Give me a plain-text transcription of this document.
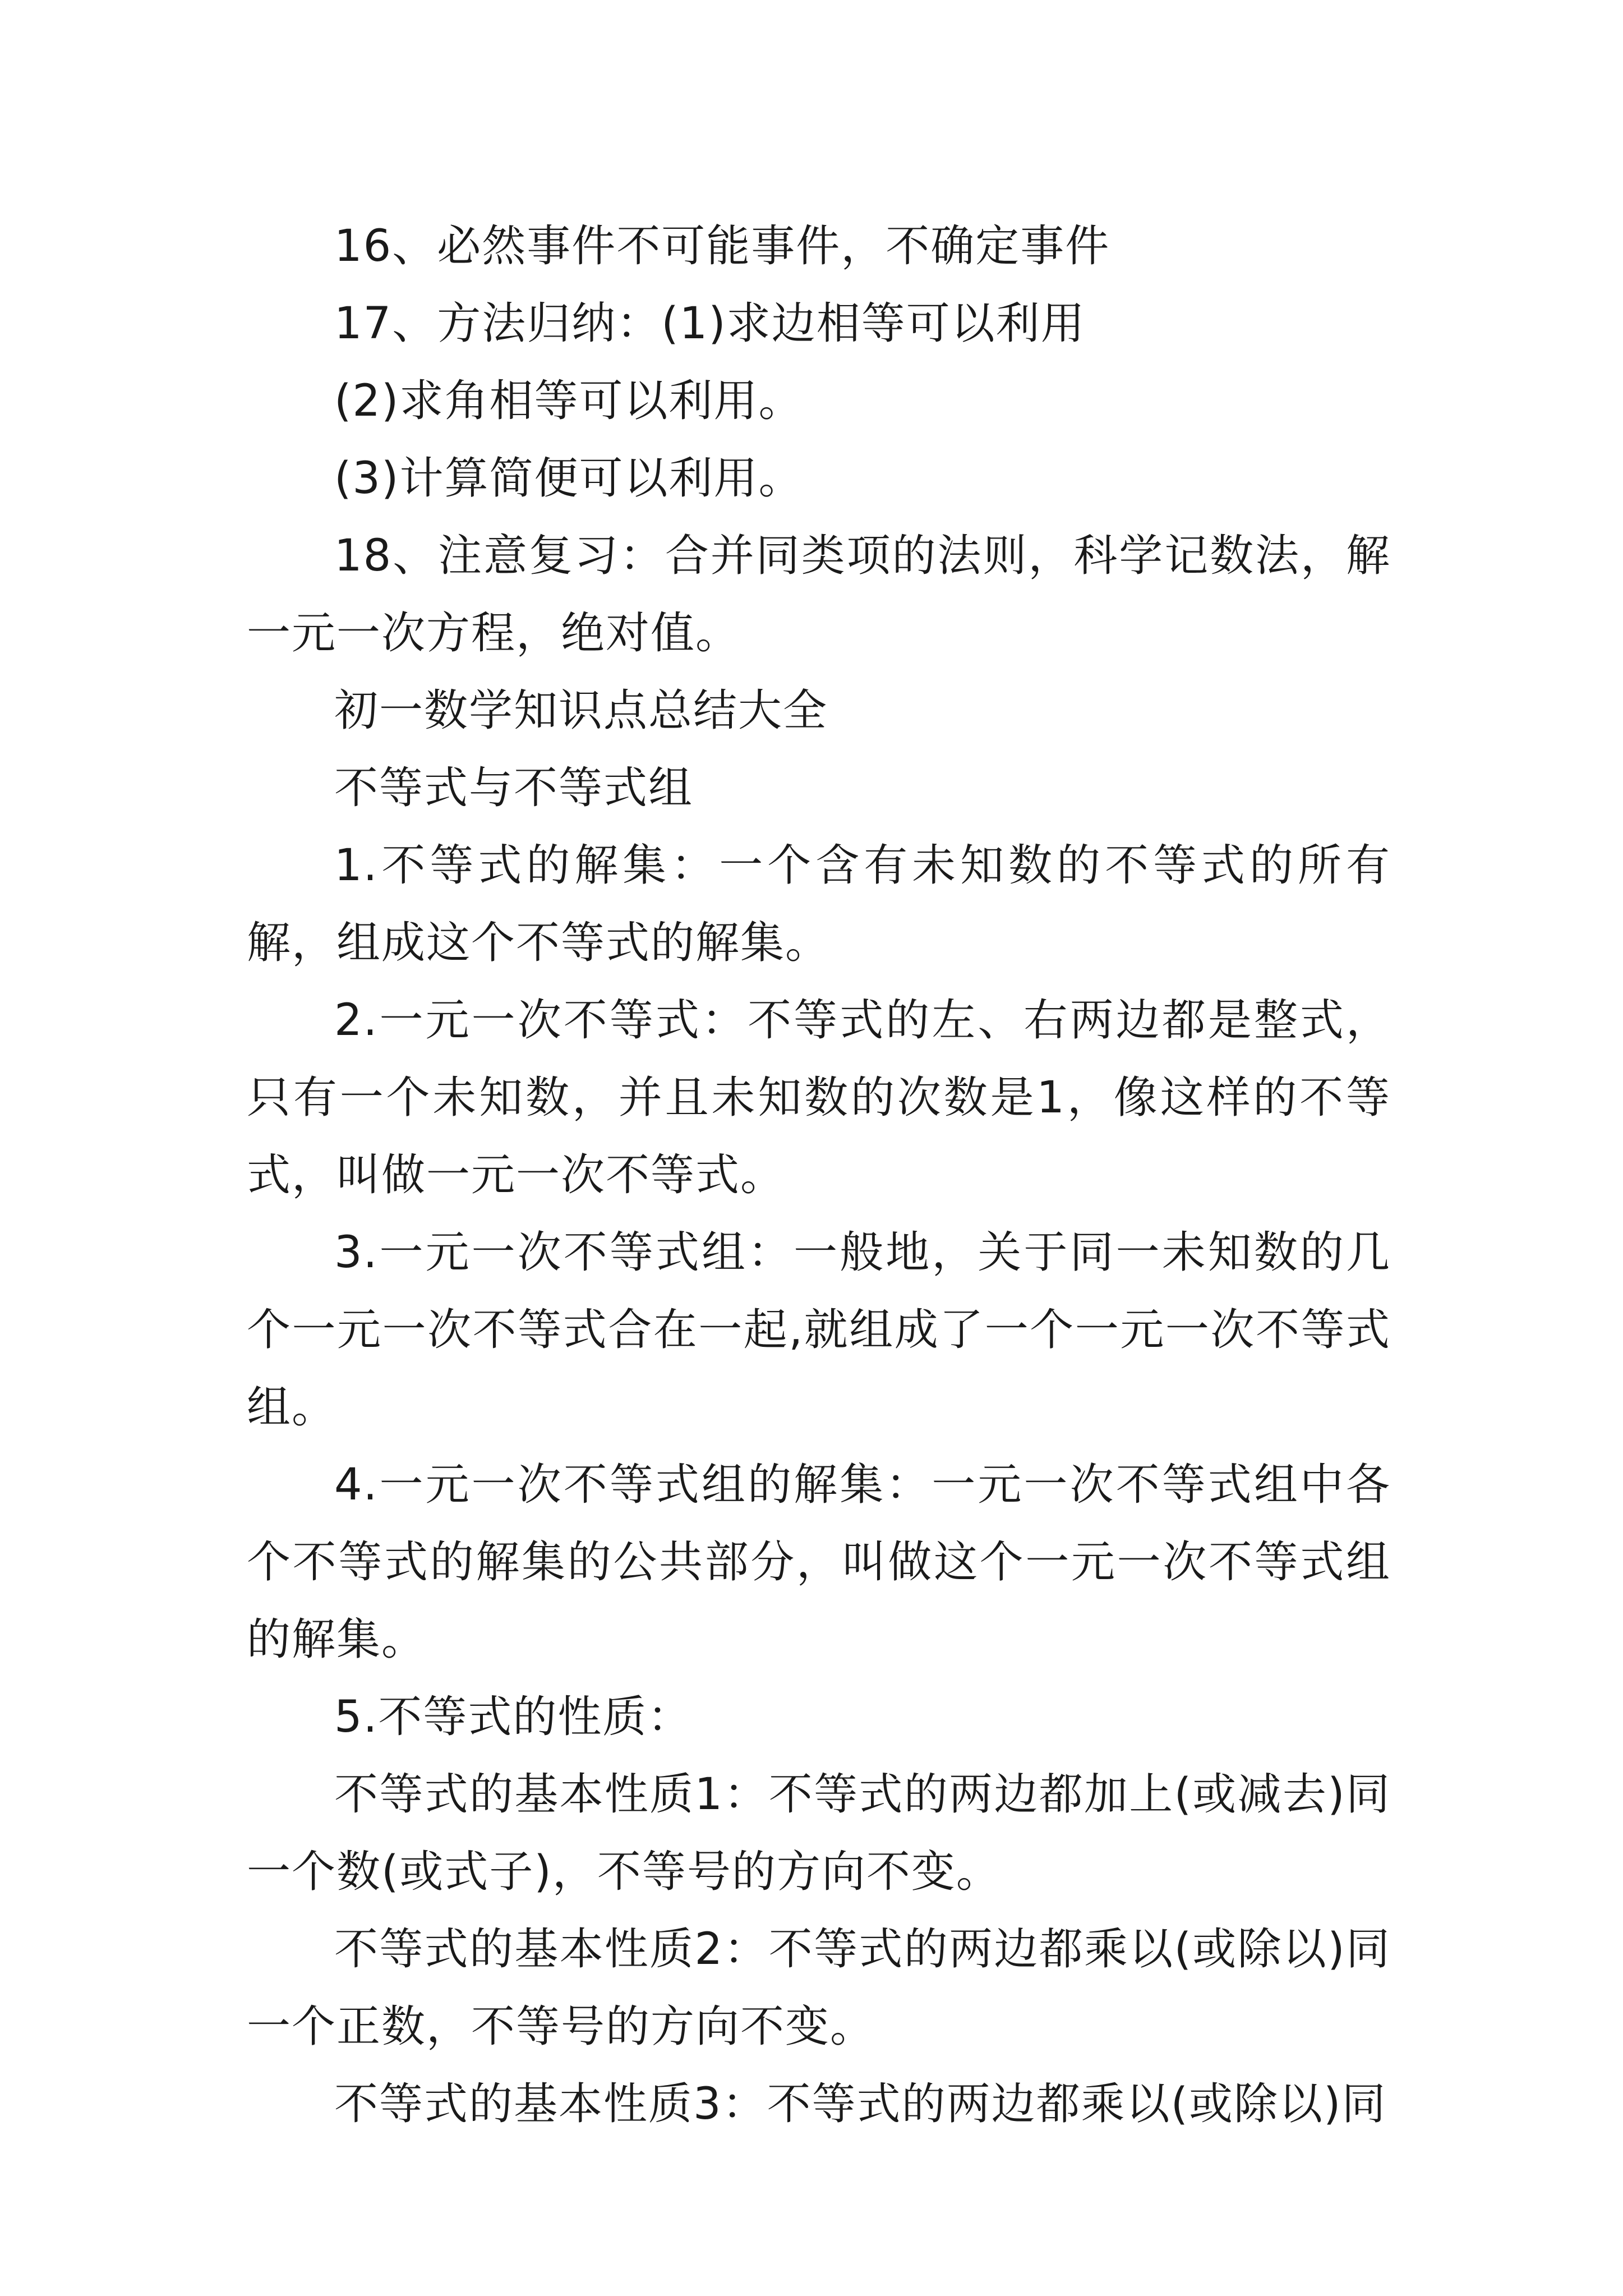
16、必然事件不可能事件，不确定事件

17、方法归纳：(1)求边相等可以利用

(2)求角相等可以利用。

(3)计算简便可以利用。

18、注意复习：合并同类项的法则，科学记数法，解一元一次方程，绝对值。

初一数学知识点总结大全

不等式与不等式组

1.不等式的解集：一个含有未知数的不等式的所有解，组成这个不等式的解集。

2.一元一次不等式：不等式的左、右两边都是整式，只有一个未知数，并且未知数的次数是1，像这样的不等式，叫做一元一次不等式。

3.一元一次不等式组：一般地，关于同一未知数的几个一元一次不等式合在一起,就组成了一个一元一次不等式组。

4.一元一次不等式组的解集：一元一次不等式组中各个不等式的解集的公共部分，叫做这个一元一次不等式组的解集。

5.不等式的性质：

不等式的基本性质1：不等式的两边都加上(或减去)同一个数(或式子)，不等号的方向不变。

不等式的基本性质2：不等式的两边都乘以(或除以)同一个正数，不等号的方向不变。

不等式的基本性质3：不等式的两边都乘以(或除以)同
